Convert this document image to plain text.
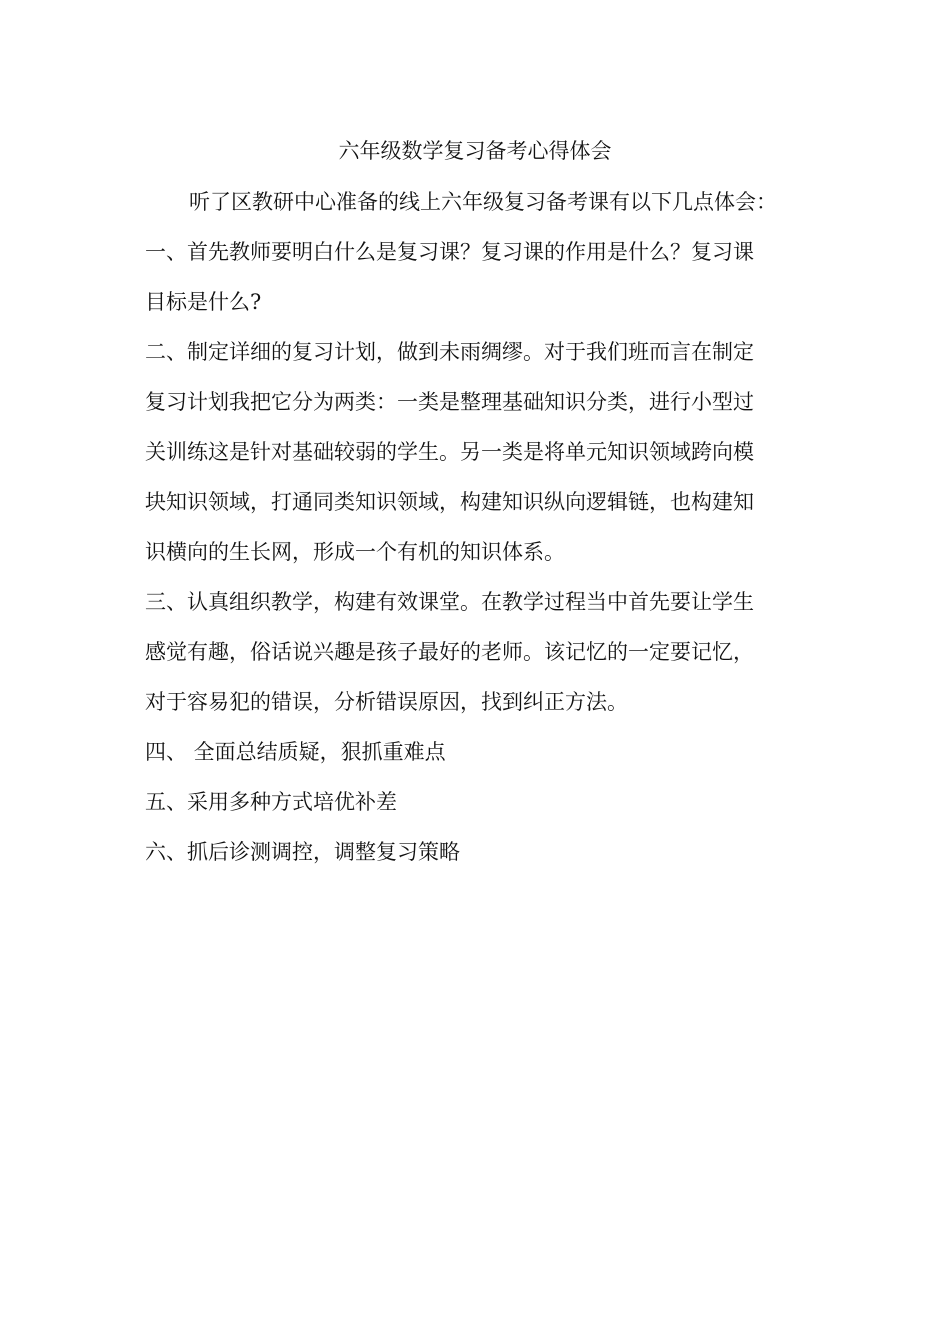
六年级数学复习备考心得体会
听了区教研中心准备的线上六年级复习备考课有以下几点体会：
一、首先教师要明白什么是复习课？复习课的作用是什么？复习课
目标是什么?
二、制定详细的复习计划，做到未雨绸缪。对于我们班而言在制定
复习计划我把它分为两类：一类是整理基础知识分类，进行小型过
关训练这是针对基础较弱的学生。另一类是将单元知识领域跨向模
块知识领域，打通同类知识领域，构建知识纵向逻辑链，也构建知
识横向的生长网，形成一个有机的知识体系。
三、认真组织教学，构建有效课堂。在教学过程当中首先要让学生
感觉有趣，俗话说兴趣是孩子最好的老师。该记忆的一定要记忆，
对于容易犯的错误，分析错误原因，找到纠正方法。
四、 全面总结质疑，狠抓重难点
五、采用多种方式培优补差
六、抓后诊测调控，调整复习策略
